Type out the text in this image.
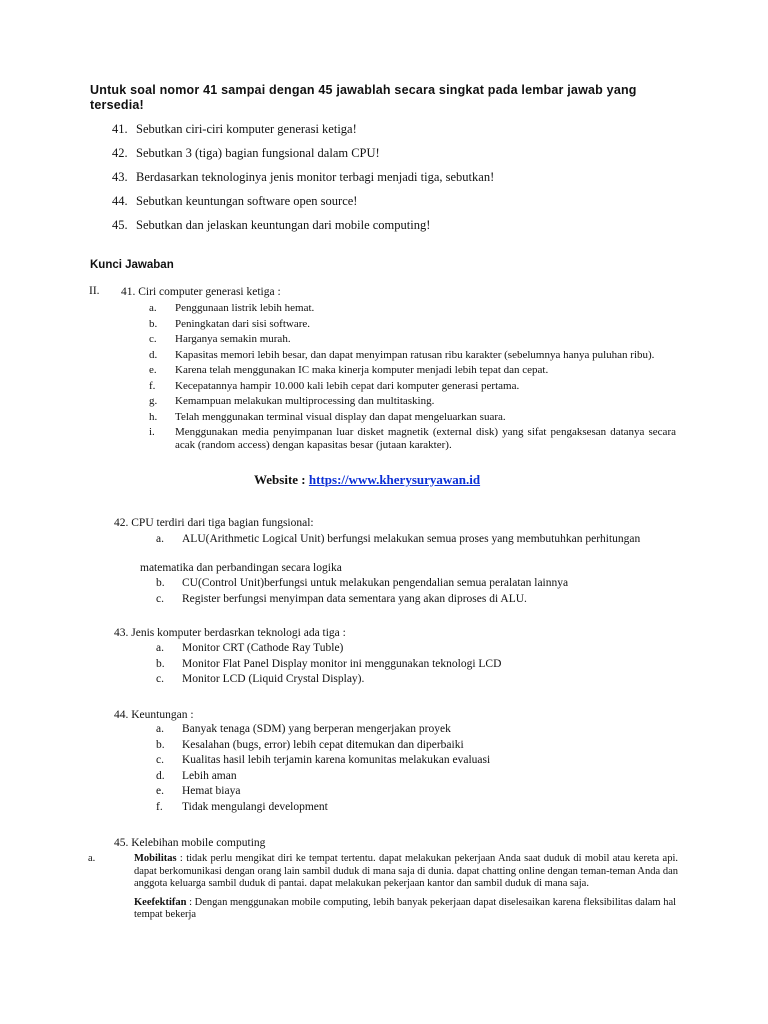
Untuk soal nomor 41 sampai dengan 45 jawablah secara singkat pada lembar jawab yang tersedia!
41. Sebutkan ciri-ciri komputer generasi ketiga!
42. Sebutkan 3 (tiga) bagian fungsional dalam CPU!
43. Berdasarkan teknologinya jenis monitor terbagi menjadi tiga, sebutkan!
44. Sebutkan keuntungan software open source!
45. Sebutkan dan jelaskan keuntungan dari mobile computing!
Kunci Jawaban
II. 41. Ciri computer generasi ketiga :
a.	Penggunaan listrik lebih hemat.
b.	Peningkatan dari sisi software.
c.	Harganya semakin murah.
d.	Kapasitas memori lebih besar, dan dapat menyimpan ratusan ribu karakter (sebelumnya hanya puluhan ribu).
e.	Karena telah menggunakan IC maka kinerja komputer menjadi lebih tepat dan cepat.
f.	Kecepatannya hampir 10.000 kali lebih cepat dari komputer generasi pertama.
g.	Kemampuan melakukan multiprocessing dan multitasking.
h.	Telah menggunakan terminal visual display dan dapat mengeluarkan suara.
i.	Menggunakan media penyimpanan luar disket magnetik (external disk) yang sifat pengaksesan datanya secara acak (random access) dengan kapasitas besar (jutaan karakter).
Website : https://www.kherysuryawan.id
42. CPU terdiri dari tiga bagian fungsional:
a.	ALU(Arithmetic Logical Unit) berfungsi melakukan semua proses yang membutuhkan perhitungan
matematika dan perbandingan secara logika
b.	CU(Control Unit)berfungsi untuk melakukan pengendalian semua peralatan lainnya
c.	Register berfungsi menyimpan data sementara yang akan diproses di ALU.
43. Jenis komputer berdasrkan teknologi ada tiga :
a.	Monitor CRT (Cathode Ray Tuble)
b.	Monitor Flat Panel Display monitor ini menggunakan teknologi LCD
c.	Monitor LCD (Liquid Crystal Display).
44. Keuntungan :
a.	Banyak tenaga (SDM) yang berperan mengerjakan proyek
b.	Kesalahan (bugs, error) lebih cepat ditemukan dan diperbaiki
c.	Kualitas hasil lebih terjamin karena komunitas melakukan evaluasi
d.	Lebih aman
e.	Hemat biaya
f.	Tidak mengulangi development
45. Kelebihan mobile computing
a.	Mobilitas : tidak perlu mengikat diri ke tempat tertentu. dapat melakukan pekerjaan Anda saat duduk di mobil atau kereta api. dapat berkomunikasi dengan orang lain sambil duduk di mana saja di dunia. dapat chatting online dengan teman-teman Anda dan anggota keluarga sambil duduk di pantai. dapat melakukan pekerjaan kantor dan sambil duduk di mana saja.
Keefektifan : Dengan menggunakan mobile computing, lebih banyak pekerjaan dapat diselesaikan karena fleksibilitas dalam hal tempat bekerja
